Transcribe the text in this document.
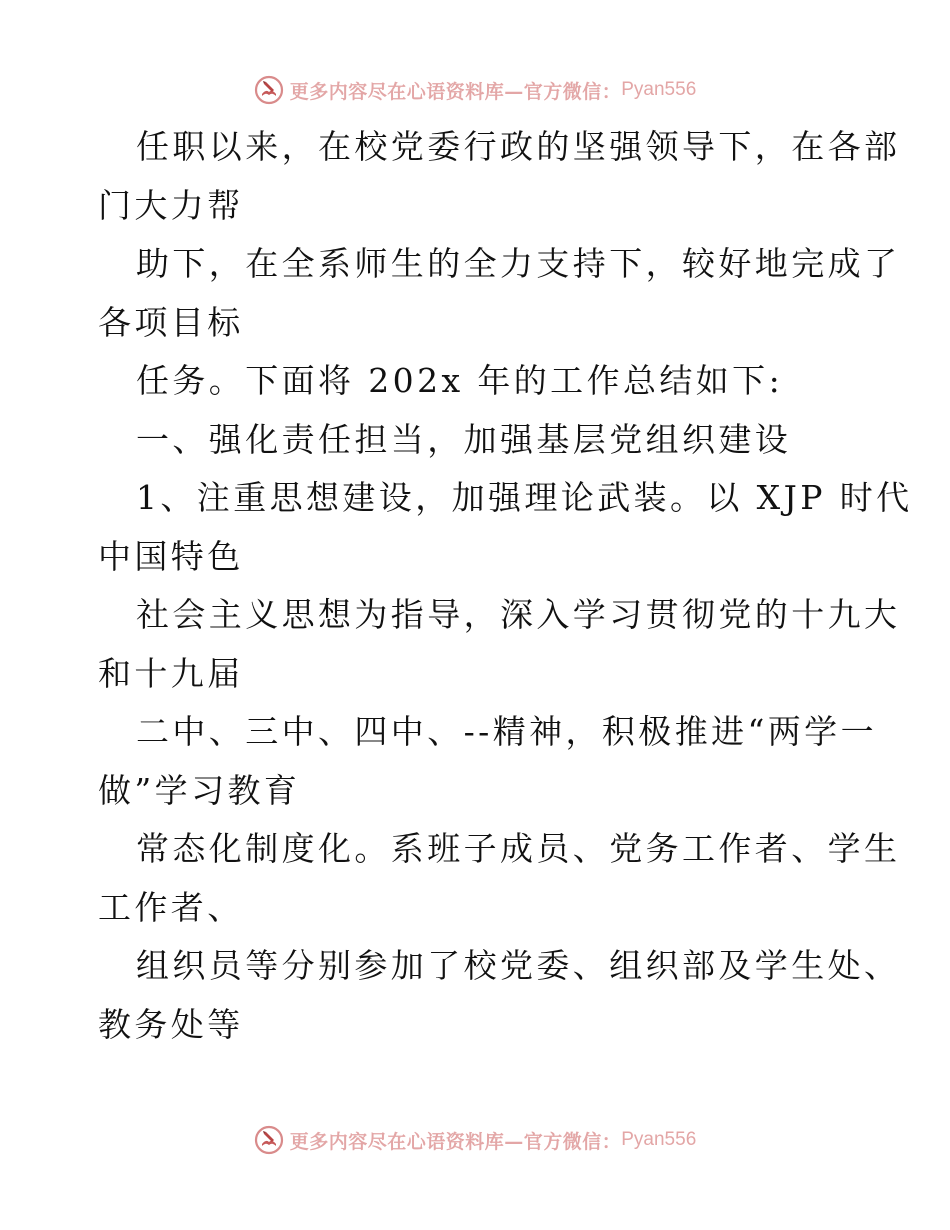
更多内容尽在心语资料库—官方微信： Pyan556

任职以来，在校党委行政的坚强领导下，在各部

门大力帮

助下，在全系师生的全力支持下，较好地完成了

各项目标

任务。下面将 202x 年的工作总结如下:

一、强化责任担当，加强基层党组织建设

1、注重思想建设，加强理论武装。以 XJP 时代

中国特色

社会主义思想为指导，深入学习贯彻党的十九大

和十九届

二中、三中、四中、--精神，积极推进“两学一

做”学习教育

常态化制度化。系班子成员、党务工作者、学生

工作者、

组织员等分别参加了校党委、组织部及学生处、

教务处等

更多内容尽在心语资料库—官方微信： Pyan556
